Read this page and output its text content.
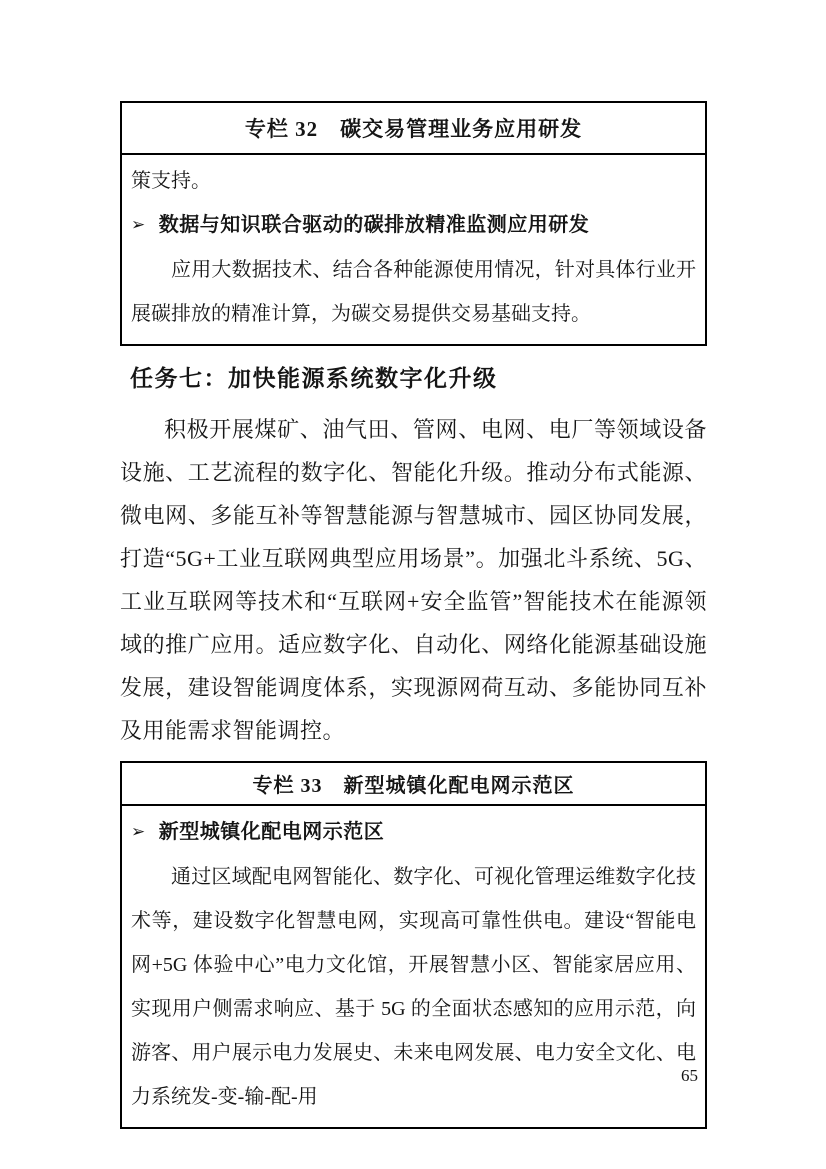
专栏 32　碳交易管理业务应用研发
策支持。
➢ 数据与知识联合驱动的碳排放精准监测应用研发

应用大数据技术、结合各种能源使用情况，针对具体行业开展碳排放的精准计算，为碳交易提供交易基础支持。

任务七：加快能源系统数字化升级

积极开展煤矿、油气田、管网、电网、电厂等领域设备设施、工艺流程的数字化、智能化升级。推动分布式能源、微电网、多能互补等智慧能源与智慧城市、园区协同发展，打造“5G+工业互联网典型应用场景”。加强北斗系统、5G、工业互联网等技术和“互联网+安全监管”智能技术在能源领域的推广应用。适应数字化、自动化、网络化能源基础设施发展，建设智能调度体系，实现源网荷互动、多能协同互补及用能需求智能调控。

专栏 33　新型城镇化配电网示范区
➢ 新型城镇化配电网示范区

通过区域配电网智能化、数字化、可视化管理运维数字化技术等，建设数字化智慧电网，实现高可靠性供电。建设“智能电网+5G 体验中心”电力文化馆，开展智慧小区、智能家居应用、实现用户侧需求响应、基于 5G 的全面状态感知的应用示范，向游客、用户展示电力发展史、未来电网发展、电力安全文化、电力系统发-变-输-配-用

65
